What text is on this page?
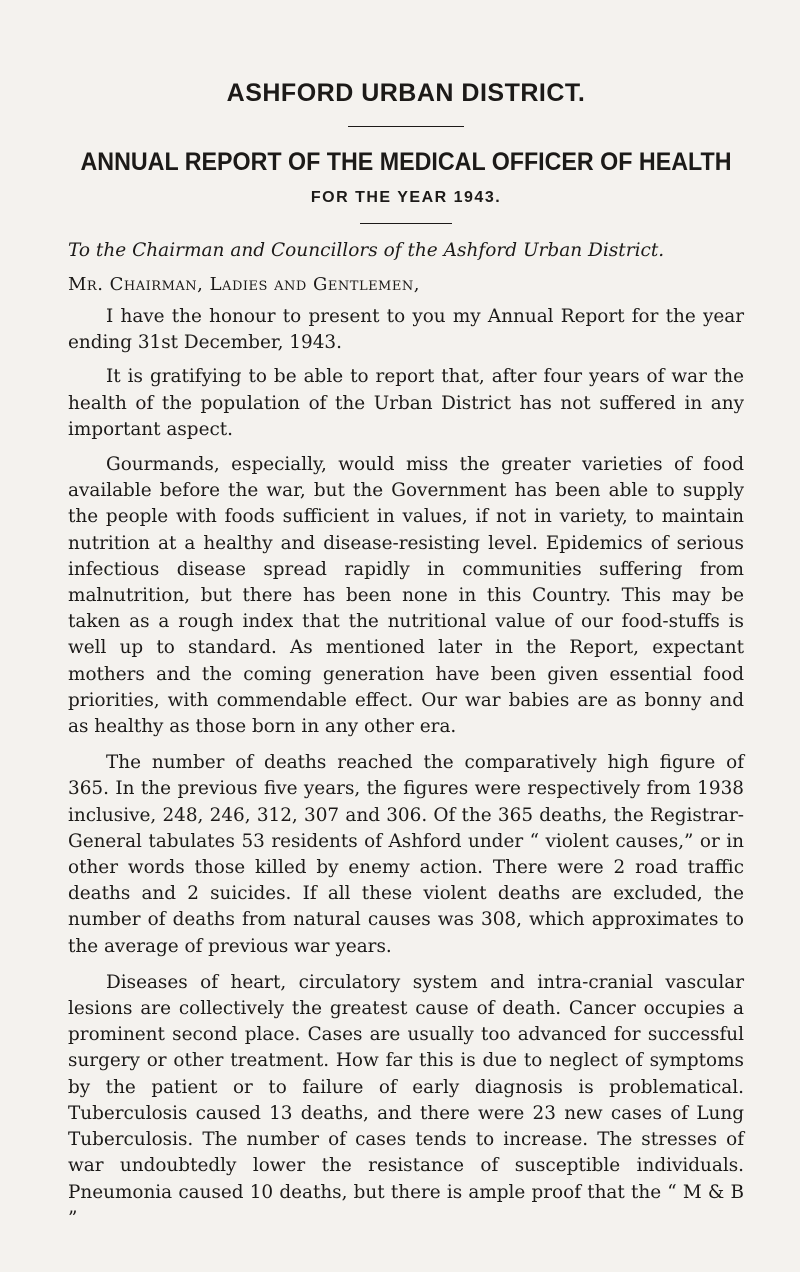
ASHFORD URBAN DISTRICT.
ANNUAL REPORT OF THE MEDICAL OFFICER OF HEALTH
FOR THE YEAR 1943.

To the Chairman and Councillors of the Ashford Urban District.

Mr. Chairman, Ladies and Gentlemen,

I have the honour to present to you my Annual Report for the year ending 31st December, 1943.

It is gratifying to be able to report that, after four years of war the health of the population of the Urban District has not suffered in any important aspect.

Gourmands, especially, would miss the greater varieties of food available before the war, but the Government has been able to supply the people with foods sufficient in values, if not in variety, to maintain nutrition at a healthy and disease-resisting level. Epidemics of serious infectious disease spread rapidly in communities suffering from malnutrition, but there has been none in this Country. This may be taken as a rough index that the nutritional value of our food-stuffs is well up to standard. As mentioned later in the Report, expectant mothers and the coming generation have been given essential food priorities, with commendable effect. Our war babies are as bonny and as healthy as those born in any other era.

The number of deaths reached the comparatively high figure of 365. In the previous five years, the figures were respectively from 1938 inclusive, 248, 246, 312, 307 and 306. Of the 365 deaths, the Registrar-General tabulates 53 residents of Ashford under “ violent causes,” or in other words those killed by enemy action. There were 2 road traffic deaths and 2 suicides. If all these violent deaths are excluded, the number of deaths from natural causes was 308, which approximates to the average of previous war years.

Diseases of heart, circulatory system and intra-cranial vascular lesions are collectively the greatest cause of death. Cancer occupies a prominent second place. Cases are usually too advanced for successful surgery or other treatment. How far this is due to neglect of symptoms by the patient or to failure of early diagnosis is problematical. Tuberculosis caused 13 deaths, and there were 23 new cases of Lung Tuberculosis. The number of cases tends to increase. The stresses of war undoubtedly lower the resistance of susceptible individuals. Pneumonia caused 10 deaths, but there is ample proof that the “ M & B ”
